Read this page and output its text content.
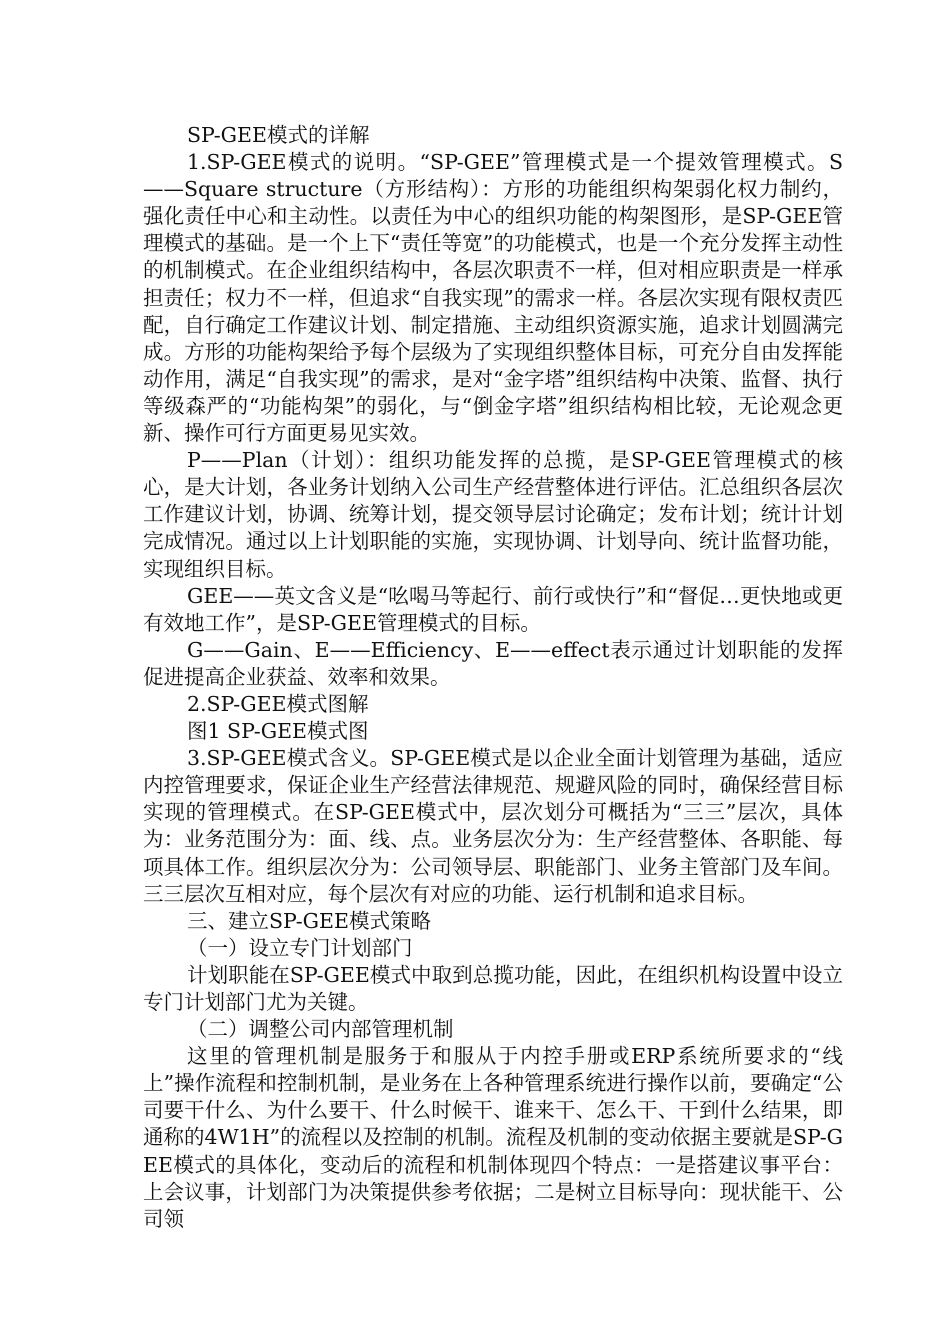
SP-GEE模式的详解

1.SP-GEE模式的说明。“SP-GEE”管理模式是一个提效管理模式。S——Square structure（方形结构）：方形的功能组织构架弱化权力制约，强化责任中心和主动性。以责任为中心的组织功能的构架图形，是SP-GEE管理模式的基础。是一个上下“责任等宽”的功能模式，也是一个充分发挥主动性的机制模式。在企业组织结构中，各层次职责不一样，但对相应职责是一样承担责任；权力不一样，但追求“自我实现”的需求一样。各层次实现有限权责匹配，自行确定工作建议计划、制定措施、主动组织资源实施，追求计划圆满完成。方形的功能构架给予每个层级为了实现组织整体目标，可充分自由发挥能动作用，满足“自我实现”的需求，是对“金字塔”组织结构中决策、监督、执行等级森严的“功能构架”的弱化，与“倒金字塔”组织结构相比较，无论观念更新、操作可行方面更易见实效。

P——Plan（计划）：组织功能发挥的总揽，是SP-GEE管理模式的核心，是大计划，各业务计划纳入公司生产经营整体进行评估。汇总组织各层次工作建议计划，协调、统筹计划，提交领导层讨论确定；发布计划；统计计划完成情况。通过以上计划职能的实施，实现协调、计划导向、统计监督功能，实现组织目标。

GEE——英文含义是“吆喝马等起行、前行或快行”和“督促…更快地或更有效地工作”，是SP-GEE管理模式的目标。

G——Gain、E——Efficiency、E——effect表示通过计划职能的发挥促进提高企业获益、效率和效果。

2.SP-GEE模式图解

图1 SP-GEE模式图

3.SP-GEE模式含义。SP-GEE模式是以企业全面计划管理为基础，适应内控管理要求，保证企业生产经营法律规范、规避风险的同时，确保经营目标实现的管理模式。在SP-GEE模式中，层次划分可概括为“三三”层次，具体为：业务范围分为：面、线、点。业务层次分为：生产经营整体、各职能、每项具体工作。组织层次分为：公司领导层、职能部门、业务主管部门及车间。三三层次互相对应，每个层次有对应的功能、运行机制和追求目标。

三、建立SP-GEE模式策略

（一）设立专门计划部门

计划职能在SP-GEE模式中取到总揽功能，因此，在组织机构设置中设立专门计划部门尤为关键。

（二）调整公司内部管理机制

这里的管理机制是服务于和服从于内控手册或ERP系统所要求的“线上”操作流程和控制机制，是业务在上各种管理系统进行操作以前，要确定“公司要干什么、为什么要干、什么时候干、谁来干、怎么干、干到什么结果，即通称的4W1H”的流程以及控制的机制。流程及机制的变动依据主要就是SP-GEE模式的具体化，变动后的流程和机制体现四个特点：一是搭建议事平台：上会议事，计划部门为决策提供参考依据；二是树立目标导向：现状能干、公司领
